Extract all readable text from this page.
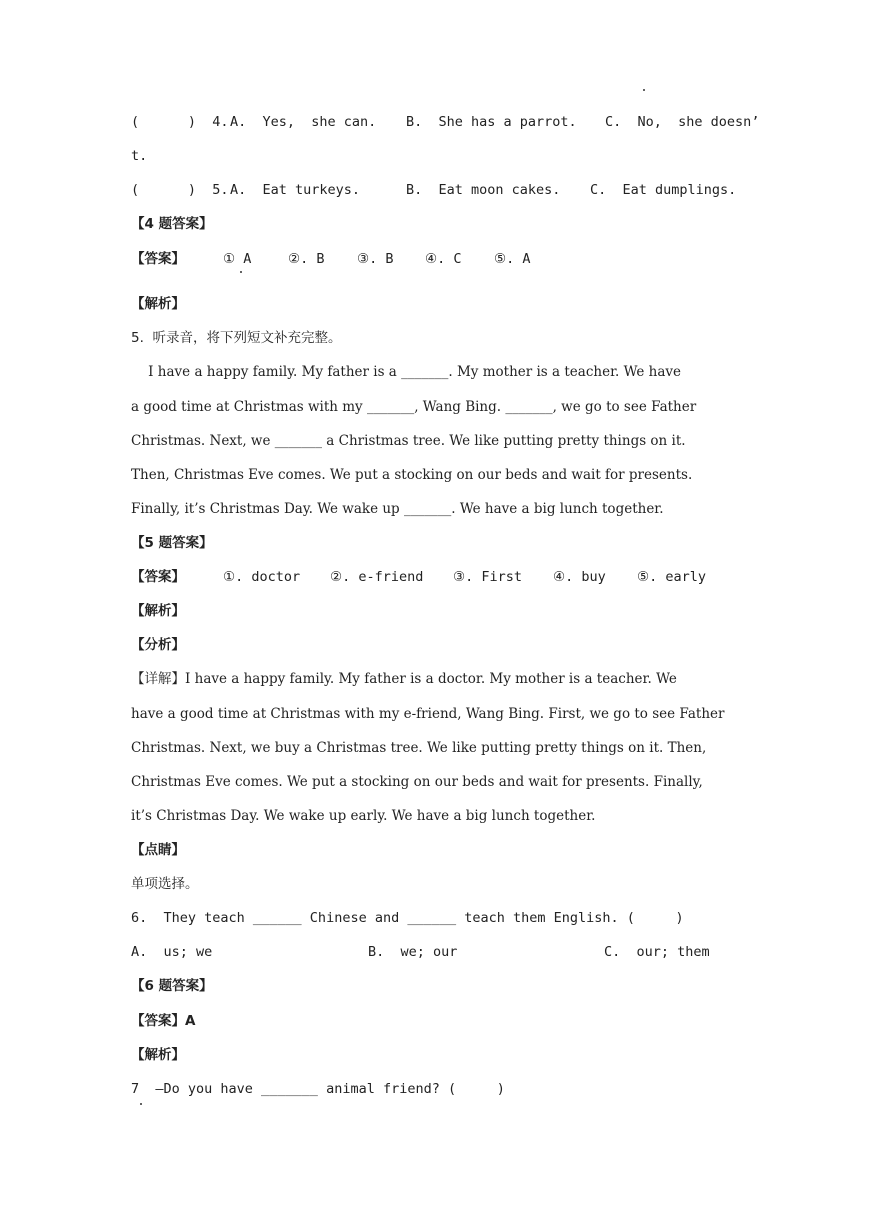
(      )  4. A.  Yes,  she can. B.  She has a parrot. C.  No,  she doesn’
t.
(      )  5. A.  Eat turkeys.	B.  Eat moon cakes. C.  Eat dumplings.
【4 题答案】
【答案】	① A	②. B ③. B ④. C ⑤. A
【解析】
5.  听录音，将下列短文补充完整。
I have a happy family. My father is a _______. My mother is a teacher. We have
a good time at Christmas with my _______, Wang Bing. _______, we go to see Father
Christmas. Next, we _______ a Christmas tree. We like putting pretty things on it.
Then, Christmas Eve comes. We put a stocking on our beds and wait for presents.
Finally, it’s Christmas Day. We wake up _______. We have a big lunch together.
【5 题答案】
【答案】	①. doctor ②. e-friend ③. First ④. buy ⑤. early
【解析】
【分析】
【详解】I have a happy family. My father is a doctor. My mother is a teacher. We
have a good time at Christmas with my e-friend, Wang Bing. First, we go to see Father
Christmas. Next, we buy a Christmas tree. We like putting pretty things on it. Then,
Christmas Eve comes. We put a stocking on our beds and wait for presents. Finally,
it’s Christmas Day. We wake up early. We have a big lunch together.
【点睛】
单项选择。
6.  They teach ______ Chinese and ______ teach them English. (     )
A.  us; we	B.  we; our	C.  our; them
【6 题答案】
【答案】A
【解析】
7  —Do you have _______ animal friend? (     )
